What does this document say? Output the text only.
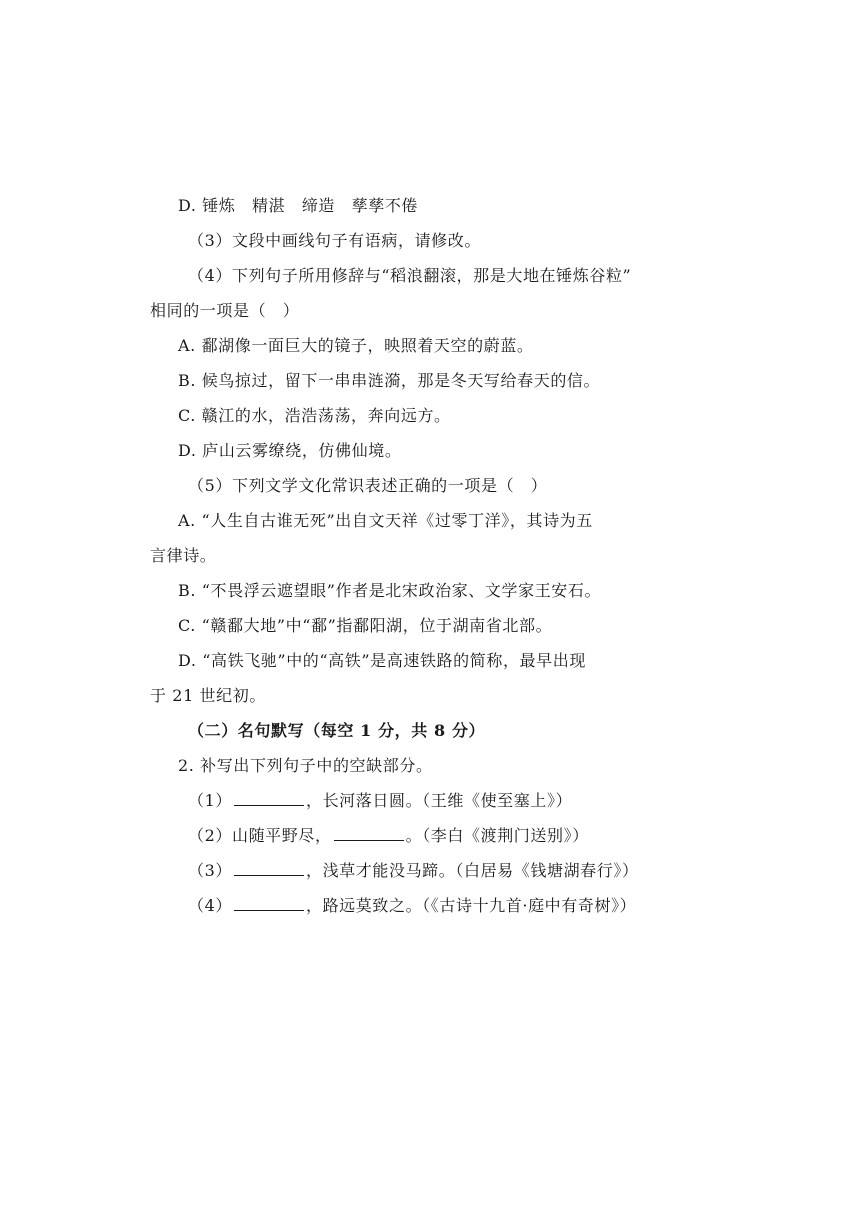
D. 锤炼　精湛　缔造　孳孳不倦
（3）文段中画线句子有语病，请修改。
（4）下列句子所用修辞与“稻浪翻滚，那是大地在锤炼谷粒”
相同的一项是（　）
A. 鄱湖像一面巨大的镜子，映照着天空的蔚蓝。
B. 候鸟掠过，留下一串串涟漪，那是冬天写给春天的信。
C. 赣江的水，浩浩荡荡，奔向远方。
D. 庐山云雾缭绕，仿佛仙境。
（5）下列文学文化常识表述正确的一项是（　）
A. “人生自古谁无死”出自文天祥《过零丁洋》，其诗为五
言律诗。
B. “不畏浮云遮望眼”作者是北宋政治家、文学家王安石。
C. “赣鄱大地”中“鄱”指鄱阳湖，位于湖南省北部。
D. “高铁飞驰”中的“高铁”是高速铁路的简称，最早出现
于 21 世纪初。
（二）名句默写（每空 1 分，共 8 分）
2. 补写出下列句子中的空缺部分。
（1）	，长河落日圆。（王维《使至塞上》）
（2）山随平野尽，	。（李白《渡荆门送别》）
（3）	，浅草才能没马蹄。（白居易《钱塘湖春行》）
（4）	，路远莫致之。（《古诗十九首·庭中有奇树》）
